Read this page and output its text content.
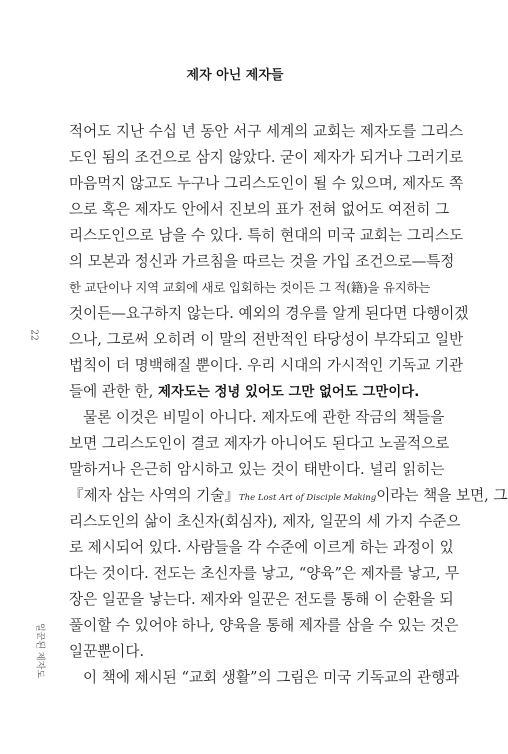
제자 아닌 제자들
22
일꾼된 제자도
적어도 지난 수십 년 동안 서구 세계의 교회는 제자도를 그리스
도인 됨의 조건으로 삼지 않았다. 굳이 제자가 되거나 그러기로
마음먹지 않고도 누구나 그리스도인이 될 수 있으며, 제자도 쪽
으로 혹은 제자도 안에서 진보의 표가 전혀 없어도 여전히 그
리스도인으로 남을 수 있다. 특히 현대의 미국 교회는 그리스도
의 모본과 정신과 가르침을 따르는 것을 가입 조건으로—특정
한 교단이나 지역 교회에 새로 입회하는 것이든 그 적(籍)을 유지하는
것이든—요구하지 않는다. 예외의 경우를 알게 된다면 다행이겠
으나, 그로써 오히려 이 말의 전반적인 타당성이 부각되고 일반
법칙이 더 명백해질 뿐이다. 우리 시대의 가시적인 기독교 기관
들에 관한 한, 제자도는 정녕 있어도 그만 없어도 그만이다.
물론 이것은 비밀이 아니다. 제자도에 관한 작금의 책들을
보면 그리스도인이 결코 제자가 아니어도 된다고 노골적으로
말하거나 은근히 암시하고 있는 것이 태반이다. 널리 읽히는
『제자 삼는 사역의 기술』The Lost Art of Disciple Making이라는 책을 보면, 그
리스도인의 삶이 초신자(회심자), 제자, 일꾼의 세 가지 수준으
로 제시되어 있다. 사람들을 각 수준에 이르게 하는 과정이 있
다는 것이다. 전도는 초신자를 낳고, “양육”은 제자를 낳고, 무
장은 일꾼을 낳는다. 제자와 일꾼은 전도를 통해 이 순환을 되
풀이할 수 있어야 하나, 양육을 통해 제자를 삼을 수 있는 것은
일꾼뿐이다.
이 책에 제시된 “교회 생활”의 그림은 미국 기독교의 관행과
